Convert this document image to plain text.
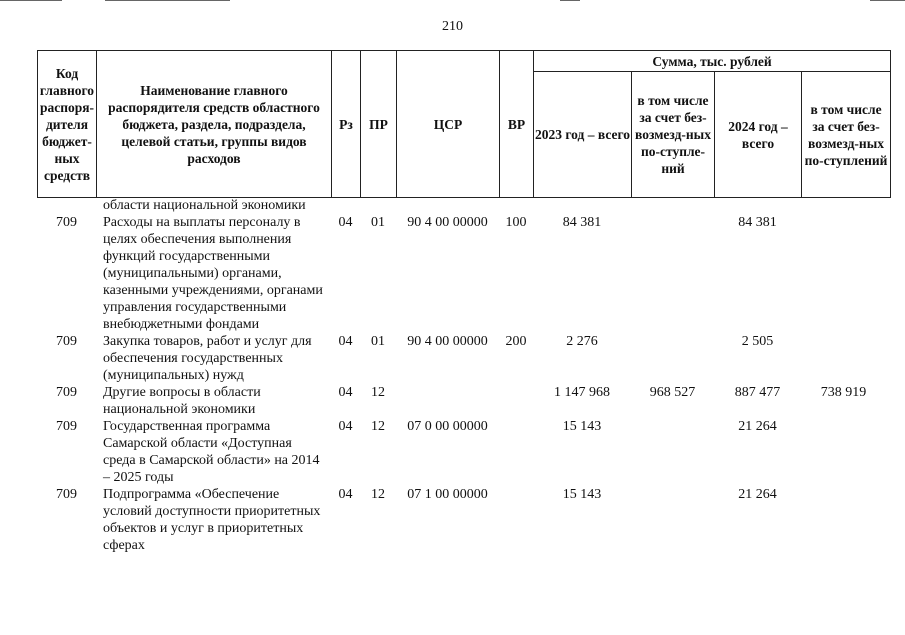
210
Код главного распоря-дителя бюджет-ных средств	Наименование главного распорядителя средств областного бюджета, раздела, подраздела, целевой статьи, группы видов расходов	Рз	ПР	ЦСР	ВР	Сумма, тыс. рублей			
						2023 год – всего	в том числе за счет без-возмезд-ных по-ступле-ний	2024 год – всего	в том числе за счет без-возмезд-ных по-ступлений
	области национальной экономики								
709	Расходы на выплаты персоналу в целях обеспечения выполнения функций государственными (муниципальными) органами, казенными учреждениями, органами управления государственными внебюджетными фондами	04	01	90 4 00 00000	100	84 381		84 381	
709	Закупка товаров, работ и услуг для обеспечения государственных (муниципальных) нужд	04	01	90 4 00 00000	200	2 276		2 505	
709	Другие вопросы в области национальной экономики	04	12			1 147 968	968 527	887 477	738 919
709	Государственная программа Самарской области «Доступная среда в Самарской области» на 2014 – 2025 годы	04	12	07 0 00 00000		15 143		21 264	
709	Подпрограмма «Обеспечение условий доступности приоритетных объектов и услуг в приоритетных сферах	04	12	07 1 00 00000		15 143		21 264	
